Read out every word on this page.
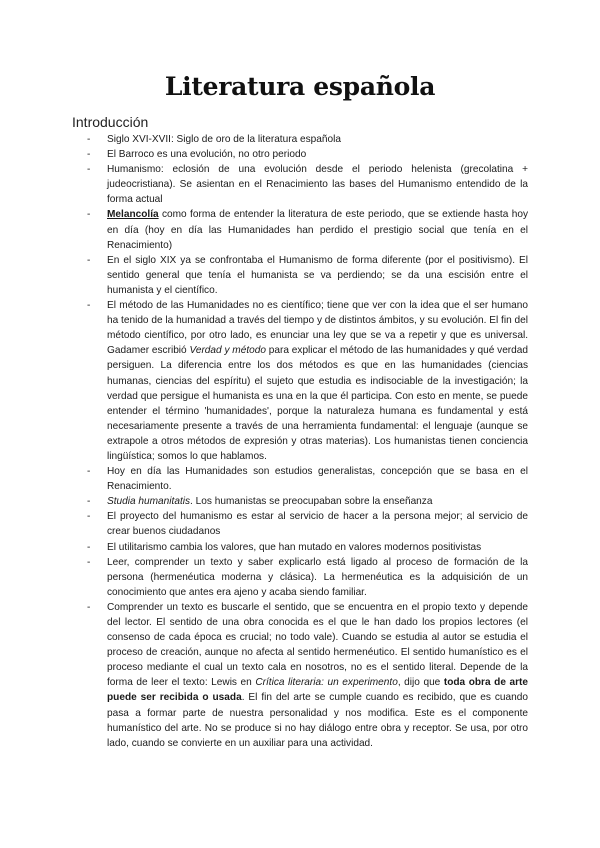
Literatura española
Introducción
- Siglo XVI-XVII: Siglo de oro de la literatura española
- El Barroco es una evolución, no otro periodo
- Humanismo: eclosión de una evolución desde el periodo helenista (grecolatina + judeocristiana). Se asientan en el Renacimiento las bases del Humanismo entendido de la forma actual
- Melancolía como forma de entender la literatura de este periodo, que se extiende hasta hoy en día (hoy en día las Humanidades han perdido el prestigio social que tenía en el Renacimiento)
- En el siglo XIX ya se confrontaba el Humanismo de forma diferente (por el positivismo). El sentido general que tenía el humanista se va perdiendo; se da una escisión entre el humanista y el científico.
- El método de las Humanidades no es científico; tiene que ver con la idea que el ser humano ha tenido de la humanidad a través del tiempo y de distintos ámbitos, y su evolución. El fin del método científico, por otro lado, es enunciar una ley que se va a repetir y que es universal. Gadamer escribió Verdad y método para explicar el método de las humanidades y qué verdad persiguen. La diferencia entre los dos métodos es que en las humanidades (ciencias humanas, ciencias del espíritu) el sujeto que estudia es indisociable de la investigación; la verdad que persigue el humanista es una en la que él participa. Con esto en mente, se puede entender el término 'humanidades', porque la naturaleza humana es fundamental y está necesariamente presente a través de una herramienta fundamental: el lenguaje (aunque se extrapole a otros métodos de expresión y otras materias). Los humanistas tienen conciencia lingüística; somos lo que hablamos.
- Hoy en día las Humanidades son estudios generalistas, concepción que se basa en el Renacimiento.
- Studia humanitatis. Los humanistas se preocupaban sobre la enseñanza
- El proyecto del humanismo es estar al servicio de hacer a la persona mejor; al servicio de crear buenos ciudadanos
- El utilitarismo cambia los valores, que han mutado en valores modernos positivistas
- Leer, comprender un texto y saber explicarlo está ligado al proceso de formación de la persona (hermenéutica moderna y clásica). La hermenéutica es la adquisición de un conocimiento que antes era ajeno y acaba siendo familiar.
- Comprender un texto es buscarle el sentido, que se encuentra en el propio texto y depende del lector. El sentido de una obra conocida es el que le han dado los propios lectores (el consenso de cada época es crucial; no todo vale). Cuando se estudia al autor se estudia el proceso de creación, aunque no afecta al sentido hermenéutico. El sentido humanístico es el proceso mediante el cual un texto cala en nosotros, no es el sentido literal. Depende de la forma de leer el texto: Lewis en Crítica literaria: un experimento, dijo que toda obra de arte puede ser recibida o usada. El fin del arte se cumple cuando es recibido, que es cuando pasa a formar parte de nuestra personalidad y nos modifica. Este es el componente humanístico del arte. No se produce si no hay diálogo entre obra y receptor. Se usa, por otro lado, cuando se convierte en un auxiliar para una actividad.
